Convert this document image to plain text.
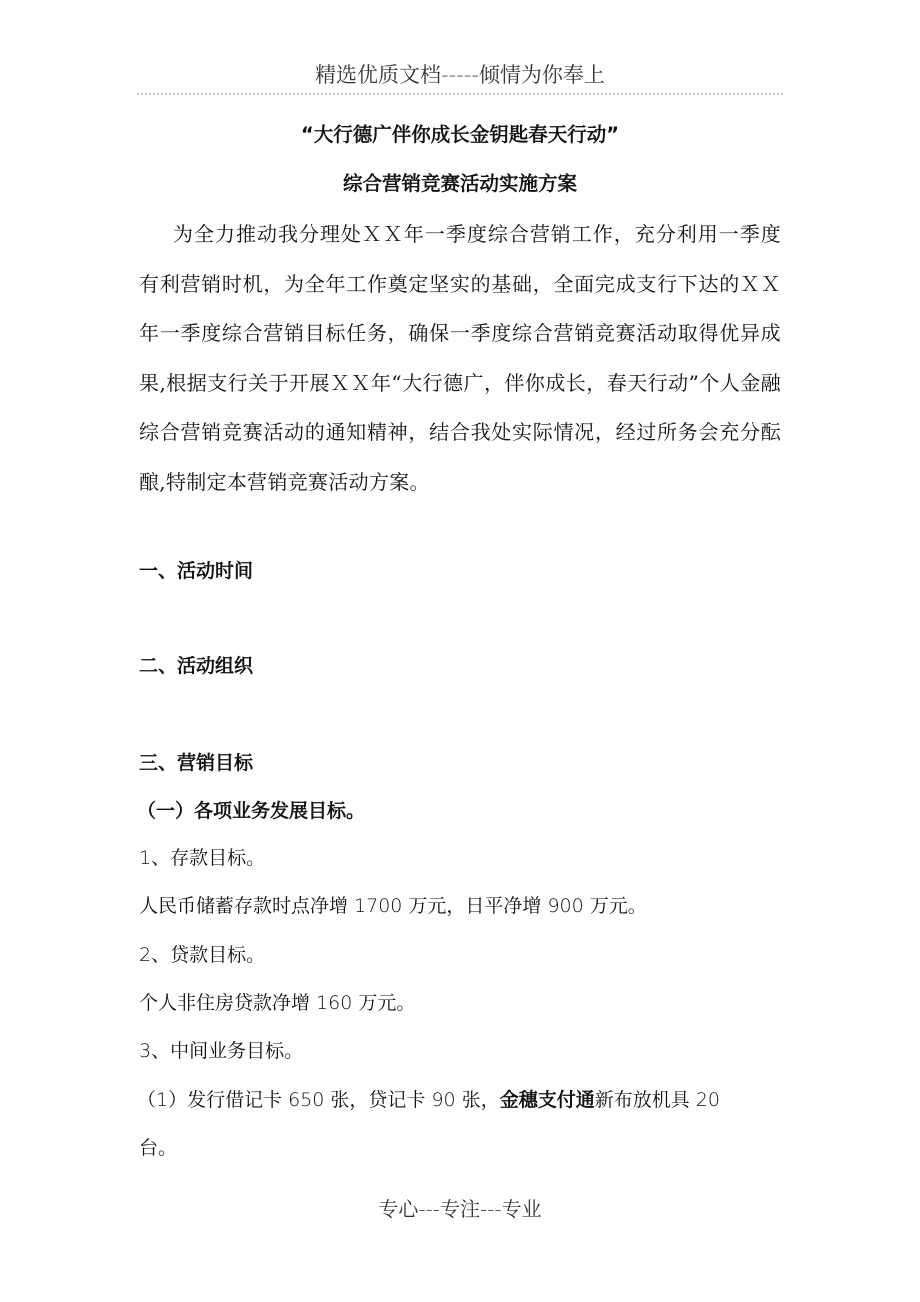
精选优质文档-----倾情为你奉上
“大行德广伴你成长金钥匙春天行动”
综合营销竞赛活动实施方案
为全力推动我分理处ＸＸ年一季度综合营销工作，充分利用一季度有利营销时机，为全年工作奠定坚实的基础，全面完成支行下达的ＸＸ年一季度综合营销目标任务，确保一季度综合营销竞赛活动取得优异成果,根据支行关于开展ＸＸ年“大行德广，伴你成长，春天行动”个人金融综合营销竞赛活动的通知精神，结合我处实际情况，经过所务会充分酝酿,特制定本营销竞赛活动方案。
一、活动时间
二、活动组织
三、营销目标
（一）各项业务发展目标。
1、存款目标。
人民币储蓄存款时点净增 1700 万元，日平净增 900 万元。
2、贷款目标。
个人非住房贷款净增 160 万元。
3、中间业务目标。
（1）发行借记卡 650 张，贷记卡 90 张，金穗支付通新布放机具 20
台。
专心---专注---专业
